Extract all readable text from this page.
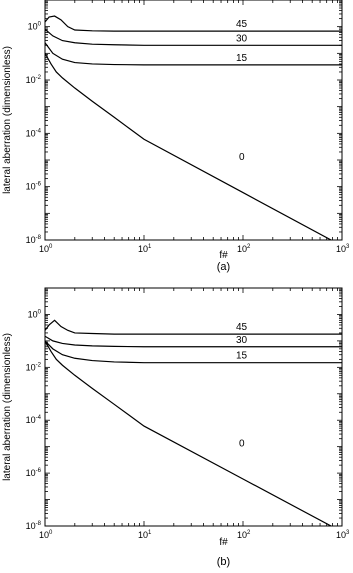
$10^0$	$10^1$	$10^2$	$10^3$
$10^{-8}$
$10^{-6}$
$10^{-4}$
$10^{-2}$
$10^0$
f#
lateral aberration (dimensionless)
(a)
45
30
15
0
$10^0$	$10^1$	$10^2$	$10^3$
$10^{-8}$
$10^{-6}$
$10^{-4}$
$10^{-2}$
$10^0$
f#
lateral aberration (dimensionless)
(b)
45
30
15
0
